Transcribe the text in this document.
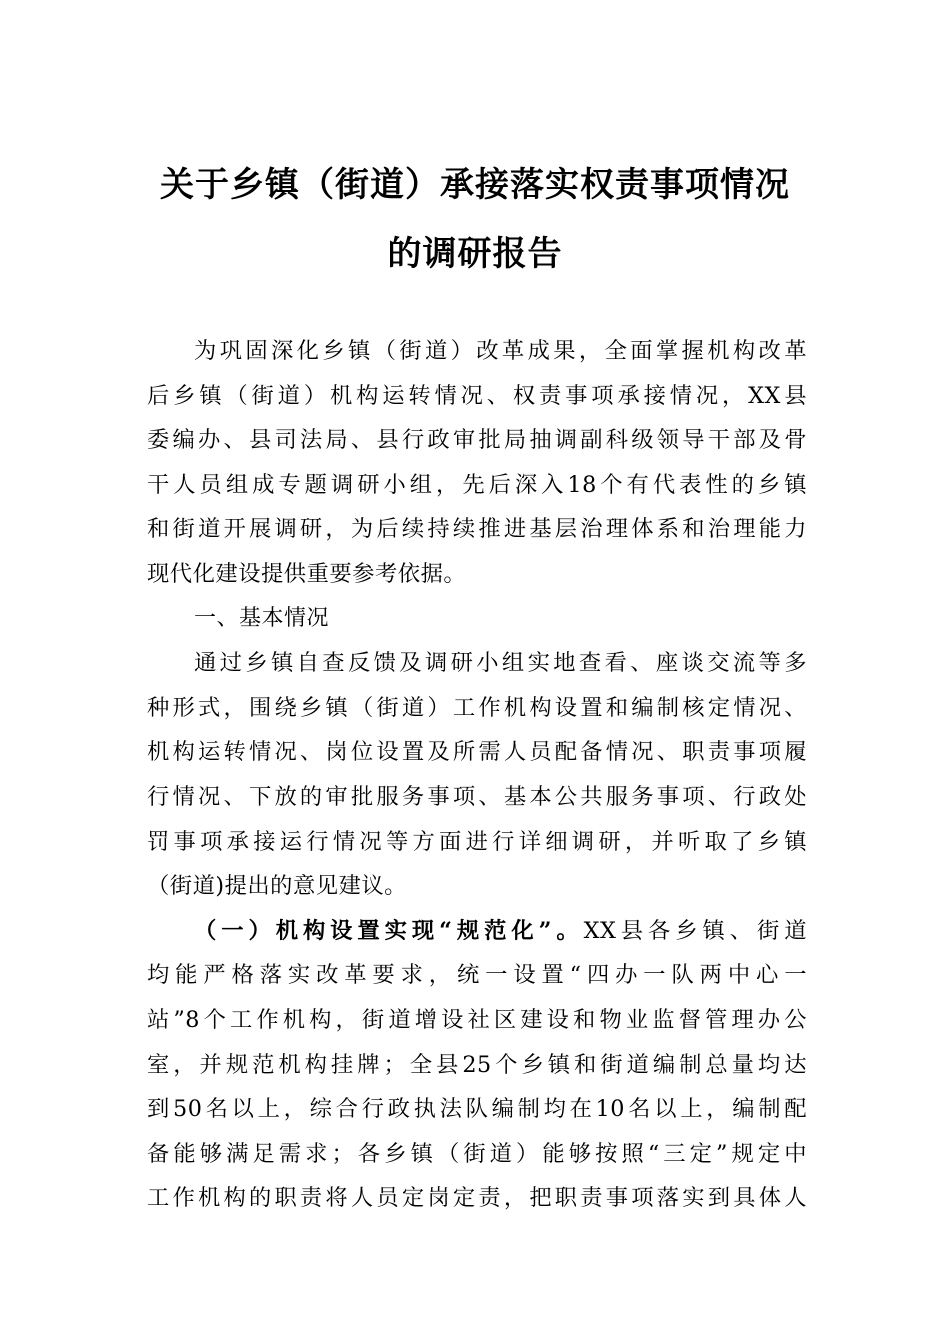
关于乡镇（街道）承接落实权责事项情况
的调研报告
为巩固深化乡镇（街道）改革成果，全面掌握机构改革
后乡镇（街道）机构运转情况、权责事项承接情况，XX县
委编办、县司法局、县行政审批局抽调副科级领导干部及骨
干人员组成专题调研小组，先后深入18个有代表性的乡镇
和街道开展调研，为后续持续推进基层治理体系和治理能力
现代化建设提供重要参考依据。
一、基本情况
通过乡镇自查反馈及调研小组实地查看、座谈交流等多
种形式，围绕乡镇（街道）工作机构设置和编制核定情况、
机构运转情况、岗位设置及所需人员配备情况、职责事项履
行情况、下放的审批服务事项、基本公共服务事项、行政处
罚事项承接运行情况等方面进行详细调研，并听取了乡镇
（街道)提出的意见建议。
（一）机构设置实现“规范化”。XX县各乡镇、街道
均能严格落实改革要求，统一设置“四办一队两中心一
站”8个工作机构，街道增设社区建设和物业监督管理办公
室，并规范机构挂牌；全县25个乡镇和街道编制总量均达
到50名以上，综合行政执法队编制均在10名以上，编制配
备能够满足需求；各乡镇（街道）能够按照“三定”规定中
工作机构的职责将人员定岗定责，把职责事项落实到具体人
